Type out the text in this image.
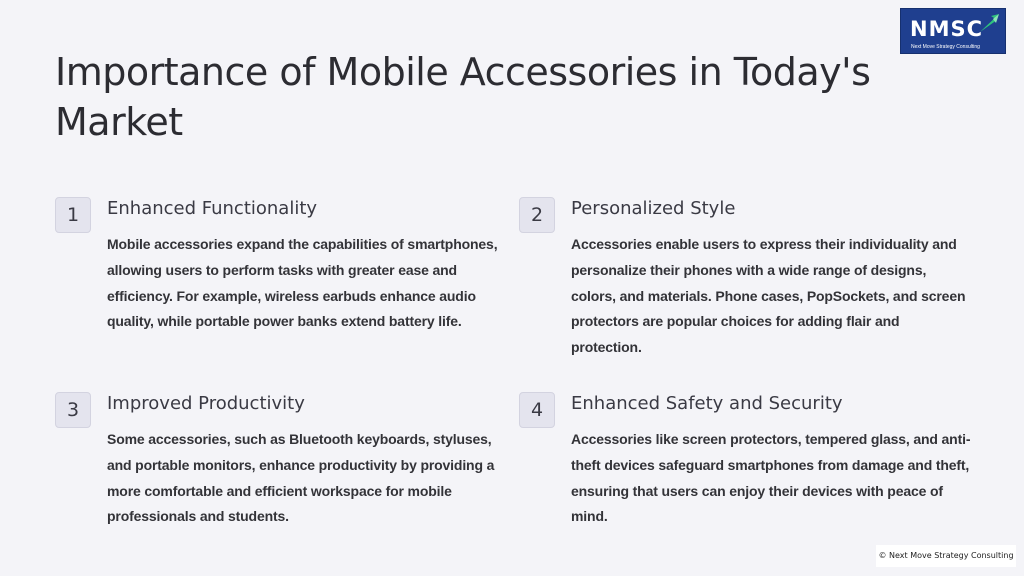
NMSC
Next Move Strategy Consulting
Importance of Mobile Accessories in Today's Market
1	Enhanced Functionality

Mobile accessories expand the capabilities of smartphones, allowing users to perform tasks with greater ease and efficiency. For example, wireless earbuds enhance audio quality, while portable power banks extend battery life.

2	Personalized Style

Accessories enable users to express their individuality and personalize their phones with a wide range of designs, colors, and materials. Phone cases, PopSockets, and screen protectors are popular choices for adding flair and protection.

3	Improved Productivity

Some accessories, such as Bluetooth keyboards, styluses, and portable monitors, enhance productivity by providing a more comfortable and efficient workspace for mobile professionals and students.

4	Enhanced Safety and Security

Accessories like screen protectors, tempered glass, and anti-theft devices safeguard smartphones from damage and theft, ensuring that users can enjoy their devices with peace of mind.

© Next Move Strategy Consulting
